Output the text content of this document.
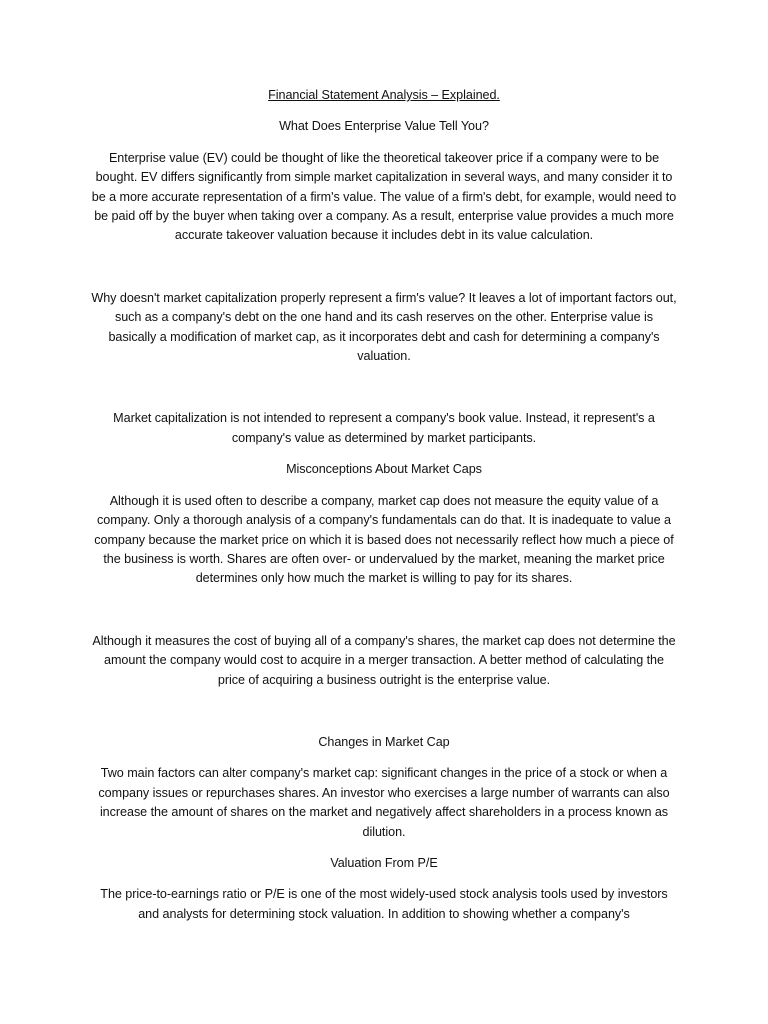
Financial Statement Analysis – Explained.

What Does Enterprise Value Tell You?

Enterprise value (EV) could be thought of like the theoretical takeover price if a company were to be bought. EV differs significantly from simple market capitalization in several ways, and many consider it to be a more accurate representation of a firm's value. The value of a firm's debt, for example, would need to be paid off by the buyer when taking over a company. As a result, enterprise value provides a much more accurate takeover valuation because it includes debt in its value calculation.

Why doesn't market capitalization properly represent a firm's value? It leaves a lot of important factors out, such as a company's debt on the one hand and its cash reserves on the other. Enterprise value is basically a modification of market cap, as it incorporates debt and cash for determining a company's valuation.

Market capitalization is not intended to represent a company's book value. Instead, it represent's a company's value as determined by market participants.

Misconceptions About Market Caps

Although it is used often to describe a company, market cap does not measure the equity value of a company. Only a thorough analysis of a company's fundamentals can do that. It is inadequate to value a company because the market price on which it is based does not necessarily reflect how much a piece of the business is worth. Shares are often over- or undervalued by the market, meaning the market price determines only how much the market is willing to pay for its shares.

Although it measures the cost of buying all of a company's shares, the market cap does not determine the amount the company would cost to acquire in a merger transaction. A better method of calculating the price of acquiring a business outright is the enterprise value.

Changes in Market Cap

Two main factors can alter company's market cap: significant changes in the price of a stock or when a company issues or repurchases shares. An investor who exercises a large number of warrants can also increase the amount of shares on the market and negatively affect shareholders in a process known as dilution.

Valuation From P/E

The price-to-earnings ratio or P/E is one of the most widely-used stock analysis tools used by investors and analysts for determining stock valuation. In addition to showing whether a company's
